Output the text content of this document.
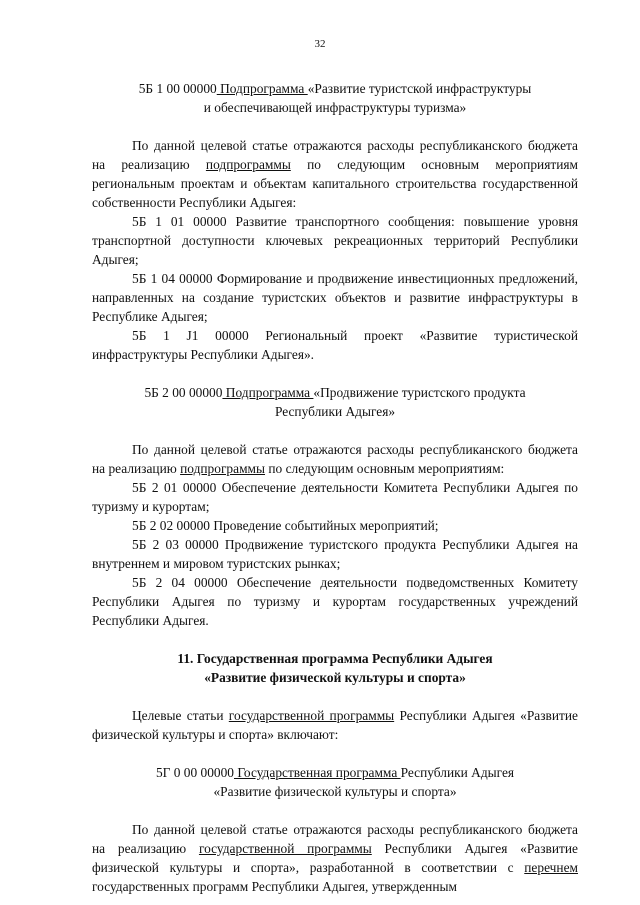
32
5Б 1 00 00000 Подпрограмма «Развитие туристской инфраструктуры
и обеспечивающей инфраструктуры туризма»

По данной целевой статье отражаются расходы республиканского бюджета на реализацию подпрограммы по следующим основным мероприятиям региональным проектам и объектам капитального строительства государственной собственности Республики Адыгея:

5Б 1 01 00000 Развитие транспортного сообщения: повышение уровня транспортной доступности ключевых рекреационных территорий Республики Адыгея;

5Б 1 04 00000 Формирование и продвижение инвестиционных предложений, направленных на создание туристских объектов и развитие инфраструктуры в Республике Адыгея;

5Б 1 J1 00000 Региональный проект «Развитие туристической инфраструктуры Республики Адыгея».

5Б 2 00 00000 Подпрограмма «Продвижение туристского продукта
Республики Адыгея»

По данной целевой статье отражаются расходы республиканского бюджета на реализацию подпрограммы по следующим основным мероприятиям:

5Б 2 01 00000 Обеспечение деятельности Комитета Республики Адыгея по туризму и курортам;

5Б 2 02 00000 Проведение событийных мероприятий;

5Б 2 03 00000 Продвижение туристского продукта Республики Адыгея на внутреннем и мировом туристских рынках;

5Б 2 04 00000 Обеспечение деятельности подведомственных Комитету Республики Адыгея по туризму и курортам государственных учреждений Республики Адыгея.

11. Государственная программа Республики Адыгея
«Развитие физической культуры и спорта»

Целевые статьи государственной программы Республики Адыгея «Развитие физической культуры и спорта» включают:

5Г 0 00 00000 Государственная программа Республики Адыгея
«Развитие физической культуры и спорта»

По данной целевой статье отражаются расходы республиканского бюджета на реализацию государственной программы Республики Адыгея «Развитие физической культуры и спорта», разработанной в соответствии с перечнем государственных программ Республики Адыгея, утвержденным
